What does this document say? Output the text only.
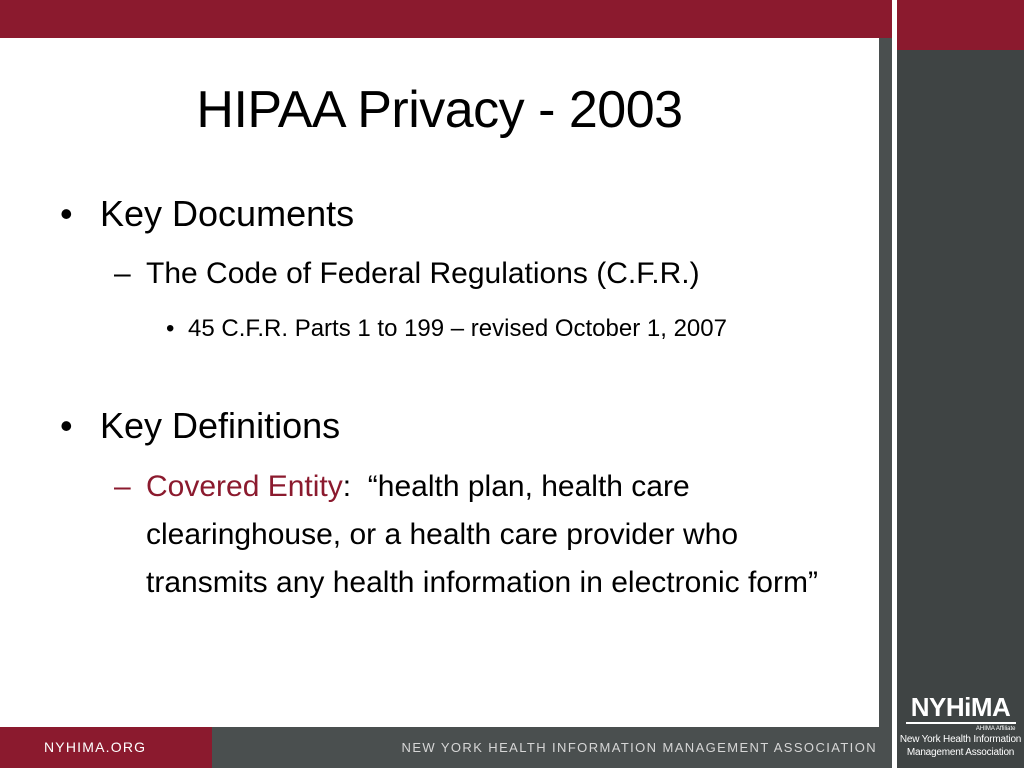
HIPAA Privacy - 2003
• Key Documents
– The Code of Federal Regulations (C.F.R.)
• 45 C.F.R. Parts 1 to 199 – revised October 1, 2007
• Key Definitions
– Covered Entity: “health plan, health care clearinghouse, or a health care provider who transmits any health information in electronic form”
NYHIMA.ORG	NEW YORK HEALTH INFORMATION MANAGEMENT ASSOCIATION
NYHiMA
AHIMA Affiliate
New York Health Information
Management Association
